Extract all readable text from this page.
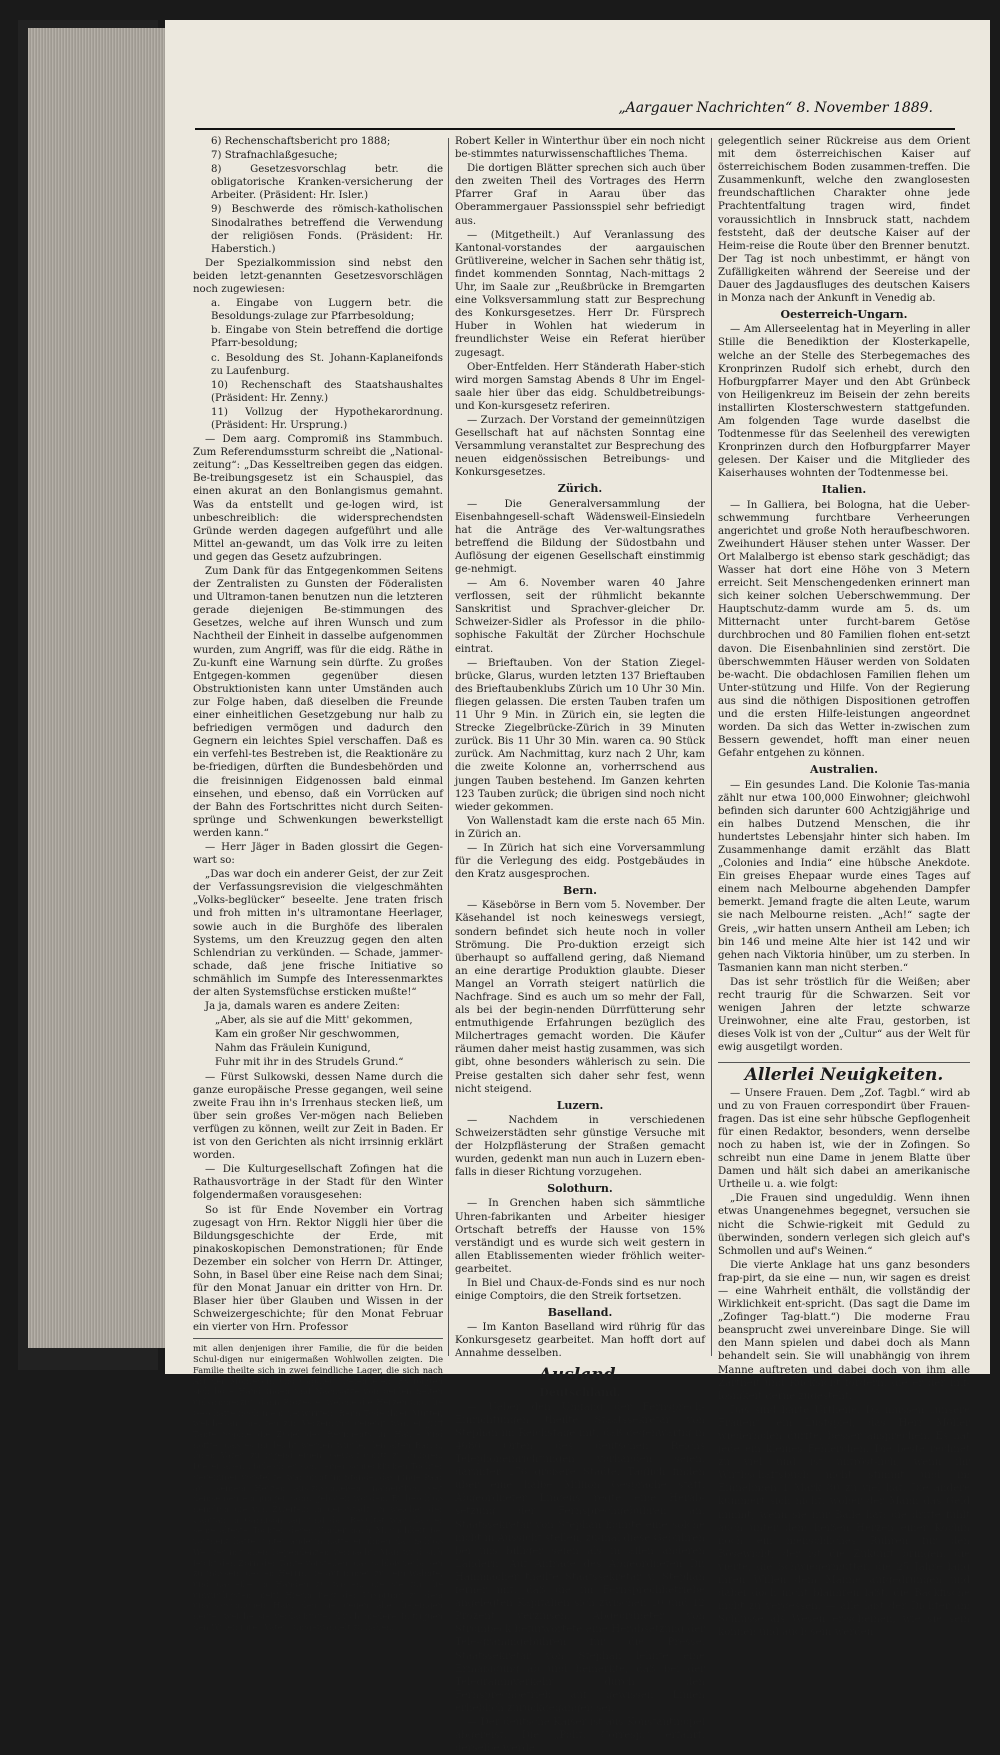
„Aargauer Nachrichten“ 8. November 1889.

6) Rechenschaftsbericht pro 1888;

7) Strafnachlaßgesuche;

8) Gesetzesvorschlag betr. die obligatorische Kranken-versicherung der Arbeiter. (Präsident: Hr. Isler.)

9) Beschwerde des römisch-katholischen Sinodalrathes betreffend die Verwendung der religiösen Fonds. (Präsident: Hr. Haberstich.)

Der Spezialkommission sind nebst den beiden letzt-genannten Gesetzesvorschlägen noch zugewiesen:

a. Eingabe von Luggern betr. die Besoldungs-zulage zur Pfarrbesoldung;

b. Eingabe von Stein betreffend die dortige Pfarr-besoldung;

c. Besoldung des St. Johann-Kaplaneifonds zu Laufenburg.

10) Rechenschaft des Staatshaushaltes (Präsident: Hr. Zenny.)

11) Vollzug der Hypothekarordnung. (Präsident: Hr. Ursprung.)

— Dem aarg. Compromiß ins Stammbuch. Zum Referendumssturm schreibt die „National-zeitung“: „Das Kesseltreiben gegen das eidgen. Be-treibungsgesetz ist ein Schauspiel, das einen akurat an den Bonlangismus gemahnt. Was da entstellt und ge-logen wird, ist unbeschreiblich: die widersprechendsten Gründe werden dagegen aufgeführt und alle Mittel an-gewandt, um das Volk irre zu leiten und gegen das Gesetz aufzubringen.

Zum Dank für das Entgegenkommen Seitens der Zentralisten zu Gunsten der Föderalisten und Ultramon-tanen benutzen nun die letzteren gerade diejenigen Be-stimmungen des Gesetzes, welche auf ihren Wunsch und zum Nachtheil der Einheit in dasselbe aufgenommen wurden, zum Angriff, was für die eidg. Räthe in Zu-kunft eine Warnung sein dürfte. Zu großes Entgegen-kommen gegenüber diesen Obstruktionisten kann unter Umständen auch zur Folge haben, daß dieselben die Freunde einer einheitlichen Gesetzgebung nur halb zu befriedigen vermögen und dadurch den Gegnern ein leichtes Spiel verschaffen. Daß es ein verfehl-tes Bestreben ist, die Reaktionäre zu be-friedigen, dürften die Bundesbehörden und die freisinnigen Eidgenossen bald einmal einsehen, und ebenso, daß ein Vorrücken auf der Bahn des Fortschrittes nicht durch Seiten-sprünge und Schwenkungen bewerkstelligt werden kann.“

— Herr Jäger in Baden glossirt die Gegen-wart so:

„Das war doch ein anderer Geist, der zur Zeit der Verfassungsrevision die vielgeschmähten „Volks-beglücker“ beseelte. Jene traten frisch und froh mitten in's ultramontane Heerlager, sowie auch in die Burghöfe des liberalen Systems, um den Kreuzzug gegen den alten Schlendrian zu verkünden. — Schade, jammer-schade, daß jene frische Initiative so schmählich im Sumpfe des Interessenmarktes der alten Systemsfüchse ersticken mußte!“

Ja ja, damals waren es andere Zeiten:

„Aber, als sie auf die Mitt' gekommen,

Kam ein großer Nir geschwommen,

Nahm das Fräulein Kunigund,

Fuhr mit ihr in des Strudels Grund.“

— Fürst Sulkowski, dessen Name durch die ganze europäische Presse gegangen, weil seine zweite Frau ihn in's Irrenhaus stecken ließ, um über sein großes Ver-mögen nach Belieben verfügen zu können, weilt zur Zeit in Baden. Er ist von den Gerichten als nicht irrsinnig erklärt worden.

— Die Kulturgesellschaft Zofingen hat die Rathausvorträge in der Stadt für den Winter folgendermaßen vorausgesehen:

So ist für Ende November ein Vortrag zugesagt von Hrn. Rektor Niggli hier über die Bildungsgeschichte der Erde, mit pinakoskopischen Demonstrationen; für Ende Dezember ein solcher von Herrn Dr. Attinger, Sohn, in Basel über eine Reise nach dem Sinai; für den Monat Januar ein dritter von Hrn. Dr. Blaser hier über Glauben und Wissen in der Schweizergeschichte; für den Monat Februar ein vierter von Hrn. Professor

mit allen denjenigen ihrer Familie, die für die beiden Schul-digen nur einigermaßen Wohlwollen zeigten. Die Familie theilte sich in zwei feindliche Lager, die sich nach Art der Montecchi und Capuletti befehdeten. Es folgten sich böse Handlungen und Nachsätze von beiden Seiten unbarmherzig; dann Prozesse, welche die Herzen und die Geschäfte noch mehr verwirrten. Beim Tode ihrer Mutter, welche am meisten zur Verzeihung geneigt war, er-griff Tante Sophie die Zügel des Regiments im Hause und hoffte, daß es ihr leicht werden würde, den alten Baron, ihren Vater, zu irgend einem Gewaltschritt zu bringen. Dieser aber, obgleich er sich seiner schrecklichen Tochter gegenüber vorstellte, war nicht im Stande, das junge Paar aus seinem Herzen aus-zuschließen, namentlich seit demselben ein junger Sohn geboren worden. Er beschloß heimlich die von Zweifeln in der Stadt, in welcher der Capitän in Garnison lag, und das Resultat war, daß er seine älteste Tochter deren Kinder nach Möglichkeit be-vortheilt hatte; unter anderm hatte er ihnen das Schloß Wes-ter mit allen Dependenzen vermacht. Man wird sich leicht den Zorn der Tante vorstellen, das Schloß verlassen zu müssen, dessen Herrin sie auf immer zu sein wähnte, und dasselbe in Händen zu wissen, die sie für die unwürdigsten hielt! Hierin liegt der Ursprung zu dem unauslöschlichen Haß, den sie gegen alle diejenigen hegte, welche sie verdächtigte, durch niedere In-triguen den Willen ihres Vaters umgewandelt zu haben.

Robert Keller in Winterthur über ein noch nicht be-stimmtes naturwissenschaftliches Thema.

Die dortigen Blätter sprechen sich auch über den zweiten Theil des Vortrages des Herrn Pfarrer Graf in Aarau über das Oberammergauer Passionsspiel sehr befriedigt aus.

— (Mitgetheilt.) Auf Veranlassung des Kantonal-vorstandes der aargauischen Grütlivereine, welcher in Sachen sehr thätig ist, findet kommenden Sonntag, Nach-mittags 2 Uhr, im Saale zur „Reußbrücke in Bremgarten eine Volksversammlung statt zur Besprechung des Konkursgesetzes. Herr Dr. Fürsprech Huber in Wohlen hat wiederum in freundlichster Weise ein Referat hierüber zugesagt.

Ober-Entfelden. Herr Ständerath Haber-stich wird morgen Samstag Abends 8 Uhr im Engel-saale hier über das eidg. Schuldbetreibungs- und Kon-kursgesetz referiren.

— Zurzach. Der Vorstand der gemeinnützigen Gesellschaft hat auf nächsten Sonntag eine Versammlung veranstaltet zur Besprechung des neuen eidgenössischen Betreibungs- und Konkursgesetzes.

Zürich.

— Die Generalversammlung der Eisenbahngesell-schaft Wädensweil-Einsiedeln hat die Anträge des Ver-waltungsrathes betreffend die Bildung der Südostbahn und Auflösung der eigenen Gesellschaft einstimmig ge-nehmigt.

— Am 6. November waren 40 Jahre verflossen, seit der rühmlicht bekannte Sanskritist und Sprachver-gleicher Dr. Schweizer-Sidler als Professor in die philo-sophische Fakultät der Zürcher Hochschule eintrat.

— Brieftauben. Von der Station Ziegel-brücke, Glarus, wurden letzten 137 Brieftauben des Brieftaubenklubs Zürich um 10 Uhr 30 Min. fliegen gelassen. Die ersten Tauben trafen um 11 Uhr 9 Min. in Zürich ein, sie legten die Strecke Ziegelbrücke-Zürich in 39 Minuten zurück. Bis 11 Uhr 30 Min. waren ca. 90 Stück zurück. Am Nachmittag, kurz nach 2 Uhr, kam die zweite Kolonne an, vorherrschend aus jungen Tauben bestehend. Im Ganzen kehrten 123 Tauben zurück; die übrigen sind noch nicht wieder gekommen.

Von Wallenstadt kam die erste nach 65 Min. in Zürich an.

— In Zürich hat sich eine Vorversammlung für die Verlegung des eidg. Postgebäudes in den Kratz ausgesprochen.

Bern.

— Käsebörse in Bern vom 5. November. Der Käsehandel ist noch keineswegs versiegt, sondern befindet sich heute noch in voller Strömung. Die Pro-duktion erzeigt sich überhaupt so auffallend gering, daß Niemand an eine derartige Produktion glaubte. Dieser Mangel an Vorrath steigert natürlich die Nachfrage. Sind es auch um so mehr der Fall, als bei der begin-nenden Dürrfütterung sehr entmuthigende Erfahrungen bezüglich des Milchertrages gemacht worden. Die Käufer räumen daher meist hastig zusammen, was sich gibt, ohne besonders wählerisch zu sein. Die Preise gestalten sich daher sehr fest, wenn nicht steigend.

Luzern.

— Nachdem in verschiedenen Schweizerstädten sehr günstige Versuche mit der Holzpflästerung der Straßen gemacht wurden, gedenkt man nun auch in Luzern eben-falls in dieser Richtung vorzugehen.

Solothurn.

— In Grenchen haben sich sämmtliche Uhren-fabrikanten und Arbeiter hiesiger Ortschaft betreffs der Hausse von 15% verständigt und es wurde sich weit gestern in allen Etablissementen wieder fröhlich weiter-gearbeitet.

In Biel und Chaux-de-Fonds sind es nur noch einige Comptoirs, die den Streik fortsetzen.

Baselland.

— Im Kanton Baselland wird rührig für das Konkursgesetz gearbeitet. Man hofft dort auf Annahme desselben.

Ausland.
Deutschland.

— Ueber den Umfang der Fernsprech-Einrichtungen theilte Staatssekretär von Stephan im Reichstage mit, daß gegenwärtig in 4680 Orten des deutschen Reichs Telephoneinrichtungen vorhanden seien, darunter 176 größere Städte. Täglich finden über eine halbe Million Gespräche statt. Abgeordneter Lingens regte eine Herab-setzung der Fernsprechgebühren an. Staatssekretär von Stephan konnte eine solche nicht in Aussicht stellen, zu-mal diese Gebühren bei uns billiger seien als in allen anderen Ländern. Auf Anfrage des Abgeordneten Dr. Hammacher theilte Staatssekretär v. Stephan ferner mit, daß die im Fernsprechbetriebe angelegten Kapitalien sich zwischen 10 und 12 Prozent verzinsen. Abgeordneter von Strombeck befürwortete eine Herabsetzung der Tele-grammgebühren für die Presse. Staatssekretär von Stephan lehnte eine Ermäßigung ab und bemerkte, daß bei der Telegrammverkehr durch den Fernsprechbetrieb auf gewissen Linien erheblich zurückgegangen sei.

— Der deutsche Kaiser ist aus Konstantinopel abgereist. Die „Polit. Corresp.“ erfährt, derselbe werde

gelegentlich seiner Rückreise aus dem Orient mit dem österreichischen Kaiser auf österreichischem Boden zusammen-treffen. Die Zusammenkunft, welche den zwanglosesten freundschaftlichen Charakter ohne jede Prachtentfaltung tragen wird, findet voraussichtlich in Innsbruck statt, nachdem feststeht, daß der deutsche Kaiser auf der Heim-reise die Route über den Brenner benutzt. Der Tag ist noch unbestimmt, er hängt von Zufälligkeiten während der Seereise und der Dauer des Jagdausfluges des deutschen Kaisers in Monza nach der Ankunft in Venedig ab.

Oesterreich-Ungarn.

— Am Allerseelentag hat in Meyerling in aller Stille die Benediktion der Klosterkapelle, welche an der Stelle des Sterbegemaches des Kronprinzen Rudolf sich erhebt, durch den Hofburgpfarrer Mayer und den Abt Grünbeck von Heiligenkreuz im Beisein der zehn bereits installirten Klosterschwestern stattgefunden. Am folgenden Tage wurde daselbst die Todtenmesse für das Seelenheil des verewigten Kronprinzen durch den Hofburgpfarrer Mayer gelesen. Der Kaiser und die Mitglieder des Kaiserhauses wohnten der Todtenmesse bei.

Italien.

— In Galliera, bei Bologna, hat die Ueber-schwemmung furchtbare Verheerungen angerichtet und große Noth heraufbeschworen. Zweihundert Häuser stehen unter Wasser. Der Ort Malalbergo ist ebenso stark geschädigt; das Wasser hat dort eine Höhe von 3 Metern erreicht. Seit Menschengedenken erinnert man sich keiner solchen Ueberschwemmung. Der Hauptschutz-damm wurde am 5. ds. um Mitternacht unter furcht-barem Getöse durchbrochen und 80 Familien flohen ent-setzt davon. Die Eisenbahnlinien sind zerstört. Die überschwemmten Häuser werden von Soldaten be-wacht. Die obdachlosen Familien flehen um Unter-stützung und Hilfe. Von der Regierung aus sind die nöthigen Dispositionen getroffen und die ersten Hilfe-leistungen angeordnet worden. Da sich das Wetter in-zwischen zum Bessern gewendet, hofft man einer neuen Gefahr entgehen zu können.

Australien.

— Ein gesundes Land. Die Kolonie Tas-mania zählt nur etwa 100,000 Einwohner; gleichwohl befinden sich darunter 600 Achtzigjährige und ein halbes Dutzend Menschen, die ihr hundertstes Lebensjahr hinter sich haben. Im Zusammenhange damit erzählt das Blatt „Colonies and India“ eine hübsche Anekdote. Ein greises Ehepaar wurde eines Tages auf einem nach Melbourne abgehenden Dampfer bemerkt. Jemand fragte die alten Leute, warum sie nach Melbourne reisten. „Ach!“ sagte der Greis, „wir hatten unsern Antheil am Leben; ich bin 146 und meine Alte hier ist 142 und wir gehen nach Viktoria hinüber, um zu sterben. In Tasmanien kann man nicht sterben.“

Das ist sehr tröstlich für die Weißen; aber recht traurig für die Schwarzen. Seit vor wenigen Jahren der letzte schwarze Ureinwohner, eine alte Frau, gestorben, ist dieses Volk ist von der „Cultur“ aus der Welt für ewig ausgetilgt worden.

Allerlei Neuigkeiten.

— Unsere Frauen. Dem „Zof. Tagbl.“ wird ab und zu von Frauen correspondirt über Frauen-fragen. Das ist eine sehr hübsche Gepflogenheit für einen Redaktor, besonders, wenn derselbe noch zu haben ist, wie der in Zofingen. So schreibt nun eine Dame in jenem Blatte über Damen und hält sich dabei an amerikanische Urtheile u. a. wie folgt:

„Die Frauen sind ungeduldig. Wenn ihnen etwas Unangenehmes begegnet, versuchen sie nicht die Schwie-rigkeit mit Geduld zu überwinden, sondern verlegen sich gleich auf's Schmollen und auf's Weinen.“

Die vierte Anklage hat uns ganz besonders frap-pirt, da sie eine — nun, wir sagen es dreist — eine Wahrheit enthält, die vollständig der Wirklichkeit ent-spricht. (Das sagt die Dame im „Zofinger Tag-blatt.“) Die moderne Frau beansprucht zwei unvereinbare Dinge. Sie will den Mann spielen und dabei doch als Mann behandelt sein. Sie will unabhängig von ihrem Manne auftreten und dabei doch von ihm alle Zartheit und Rücksicht fordern, die er der hilf-losigkeit gerne zugesteht.

Das sind harte Urtheile. Da müssen „unsere Frauen“, ein Lustspiel, das Herr Möller wiederholen dürfte, besser ansprechen. Es hat jede ein kleines Fehlerchen. Die beste rechnet zu viel und ist untröst-lich, wenn ihr Wirthschaftsbuch nicht stimmt und im Einnehmen 1 Mark 80 zu viel hat. Die andere kümmert sich nicht, woher der Mann das Geld nimmt, wenn sie nur Bälle hat; die dritte fühlt auch unter dem heißen Herzen einer Köchin noch ein menschliches Rühren für den Bösewicht, der ist die Zukunft bringen, die vierte, die Schwiegermutter, die 25 Jahre lang ihren Willen dem Manne aufgedrungen und dabei doch nicht blamiren läßt, die Backfische nicht zu vergessen, — alle läßt der Dichter am Schlusse als Wesen er-scheinen, wie sie sein können und auch sein werden.
